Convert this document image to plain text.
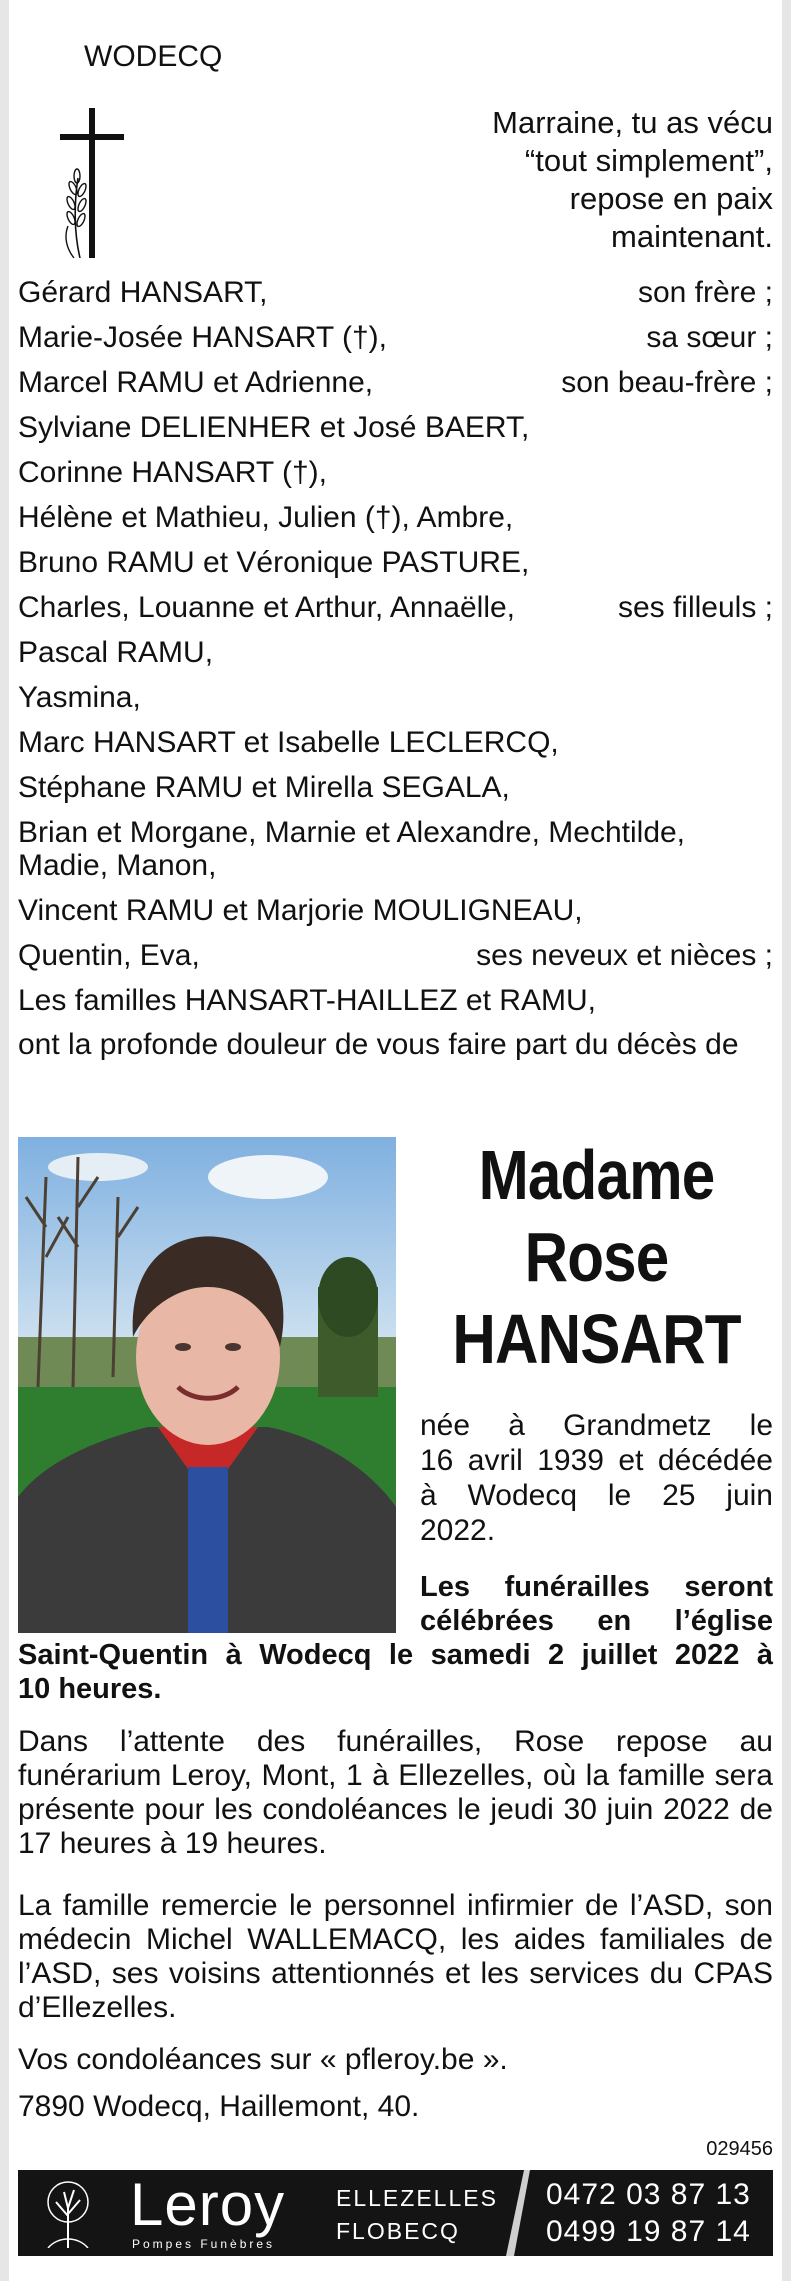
WODECQ
Marraine, tu as vécu
“tout simplement”,
repose en paix
maintenant.
Gérard HANSART,	son frère ;
Marie-Josée HANSART (†),	sa sœur ;
Marcel RAMU et Adrienne,	son beau-frère ;
Sylviane DELIENHER et José BAERT,
Corinne HANSART (†),
Hélène et Mathieu, Julien (†), Ambre,
Bruno RAMU et Véronique PASTURE,
Charles, Louanne et Arthur, Annaëlle,	ses filleuls ;
Pascal RAMU,
Yasmina,
Marc HANSART et Isabelle LECLERCQ,
Stéphane RAMU et Mirella SEGALA,
Brian et Morgane, Marnie et Alexandre, Mechtilde, Madie, Manon,
Vincent RAMU et Marjorie MOULIGNEAU,
Quentin, Eva,	ses neveux et nièces ;
Les familles HANSART-HAILLEZ et RAMU,
ont la profonde douleur de vous faire part du décès de
Madame
Rose
HANSART
née à Grandmetz le
16 avril 1939 et décédée
à Wodecq le 25 juin
2022.
Les funérailles seront
célébrées en l’église
Saint-Quentin à Wodecq le samedi 2 juillet 2022 à
10 heures.
Dans l’attente des funérailles, Rose repose au funérarium Leroy, Mont, 1 à Ellezelles, où la famille sera présente pour les condoléances le jeudi 30 juin 2022 de 17 heures à 19 heures.
La famille remercie le personnel infirmier de l’ASD, son médecin Michel WALLEMACQ, les aides familiales de l’ASD, ses voisins attentionnés et les services du CPAS d’Ellezelles.
Vos condoléances sur « pfleroy.be ».
7890 Wodecq, Haillemont, 40.
029456
Leroy
Pompes Funèbres
ELLEZELLES
FLOBECQ
0472 03 87 13
0499 19 87 14
